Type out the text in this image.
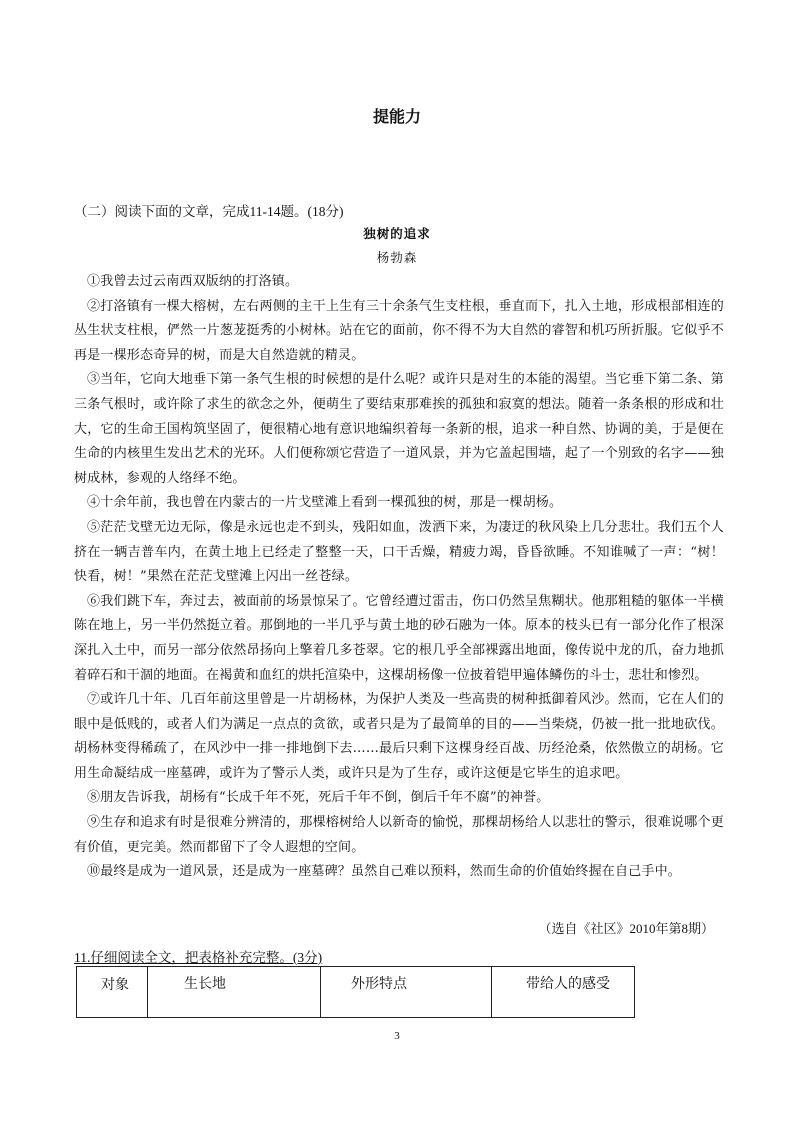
提能力
（二）阅读下面的文章，完成11-14题。(18分)
独树的追求
杨勃森

①我曾去过云南西双版纳的打洛镇。

②打洛镇有一棵大榕树，左右两侧的主干上生有三十余条气生支柱根，垂直而下，扎入土地，形成根部相连的丛生状支柱根，俨然一片葱茏挺秀的小树林。站在它的面前，你不得不为大自然的睿智和机巧所折服。它似乎不再是一棵形态奇异的树，而是大自然造就的精灵。

③当年，它向大地垂下第一条气生根的时候想的是什么呢？或许只是对生的本能的渴望。当它垂下第二条、第三条气根时，或许除了求生的欲念之外，便萌生了要结束那难挨的孤独和寂寞的想法。随着一条条根的形成和壮大，它的生命王国构筑坚固了，便很精心地有意识地编织着每一条新的根，追求一种自然、协调的美，于是便在生命的内核里生发出艺术的光环。人们便称颂它营造了一道风景，并为它盖起围墙，起了一个别致的名字——独树成林，参观的人络绎不绝。

④十余年前，我也曾在内蒙古的一片戈壁滩上看到一棵孤独的树，那是一棵胡杨。

⑤茫茫戈壁无边无际，像是永远也走不到头，残阳如血，泼洒下来，为凄迂的秋风染上几分悲壮。我们五个人挤在一辆吉普车内，在黄土地上已经走了整整一天，口干舌燥，精疲力竭，昏昏欲睡。不知谁喊了一声：“树！快看，树！”果然在茫茫戈壁滩上闪出一丝苍绿。

⑥我们跳下车，奔过去，被面前的场景惊呆了。它曾经遭过雷击，伤口仍然呈焦糊状。他那粗糙的躯体一半横陈在地上，另一半仍然挺立着。那倒地的一半几乎与黄土地的砂石融为一体。原本的枝头已有一部分化作了根深深扎入土中，而另一部分依然昂扬向上擎着几多苍翠。它的根几乎全部裸露出地面，像传说中龙的爪，奋力地抓着碎石和干涸的地面。在褐黄和血红的烘托渲染中，这棵胡杨像一位披着铠甲遍体鳞伤的斗士，悲壮和惨烈。

⑦或许几十年、几百年前这里曾是一片胡杨林，为保护人类及一些高贵的树种抵御着风沙。然而，它在人们的眼中是低贱的，或者人们为满足一点点的贪欲，或者只是为了最简单的目的——当柴烧，仍被一批一批地砍伐。胡杨林变得稀疏了，在风沙中一排一排地倒下去……最后只剩下这棵身经百战、历经沧桑，依然傲立的胡杨。它用生命凝结成一座墓碑，或许为了警示人类，或许只是为了生存，或许这便是它毕生的追求吧。

⑧朋友告诉我，胡杨有“长成千年不死，死后千年不倒，倒后千年不腐”的神誉。

⑨生存和追求有时是很难分辨清的，那棵榕树给人以新奇的愉悦，那棵胡杨给人以悲壮的警示，很难说哪个更有价值，更完美。然而都留下了令人遐想的空间。

⑩最终是成为一道风景，还是成为一座墓碑？虽然自己难以预料，然而生命的价值始终握在自己手中。

（选自《社区》2010年第8期）
11.仔细阅读全文，把表格补充完整。(3分)
对象	生长地	外形特点	带给人的感受
3
